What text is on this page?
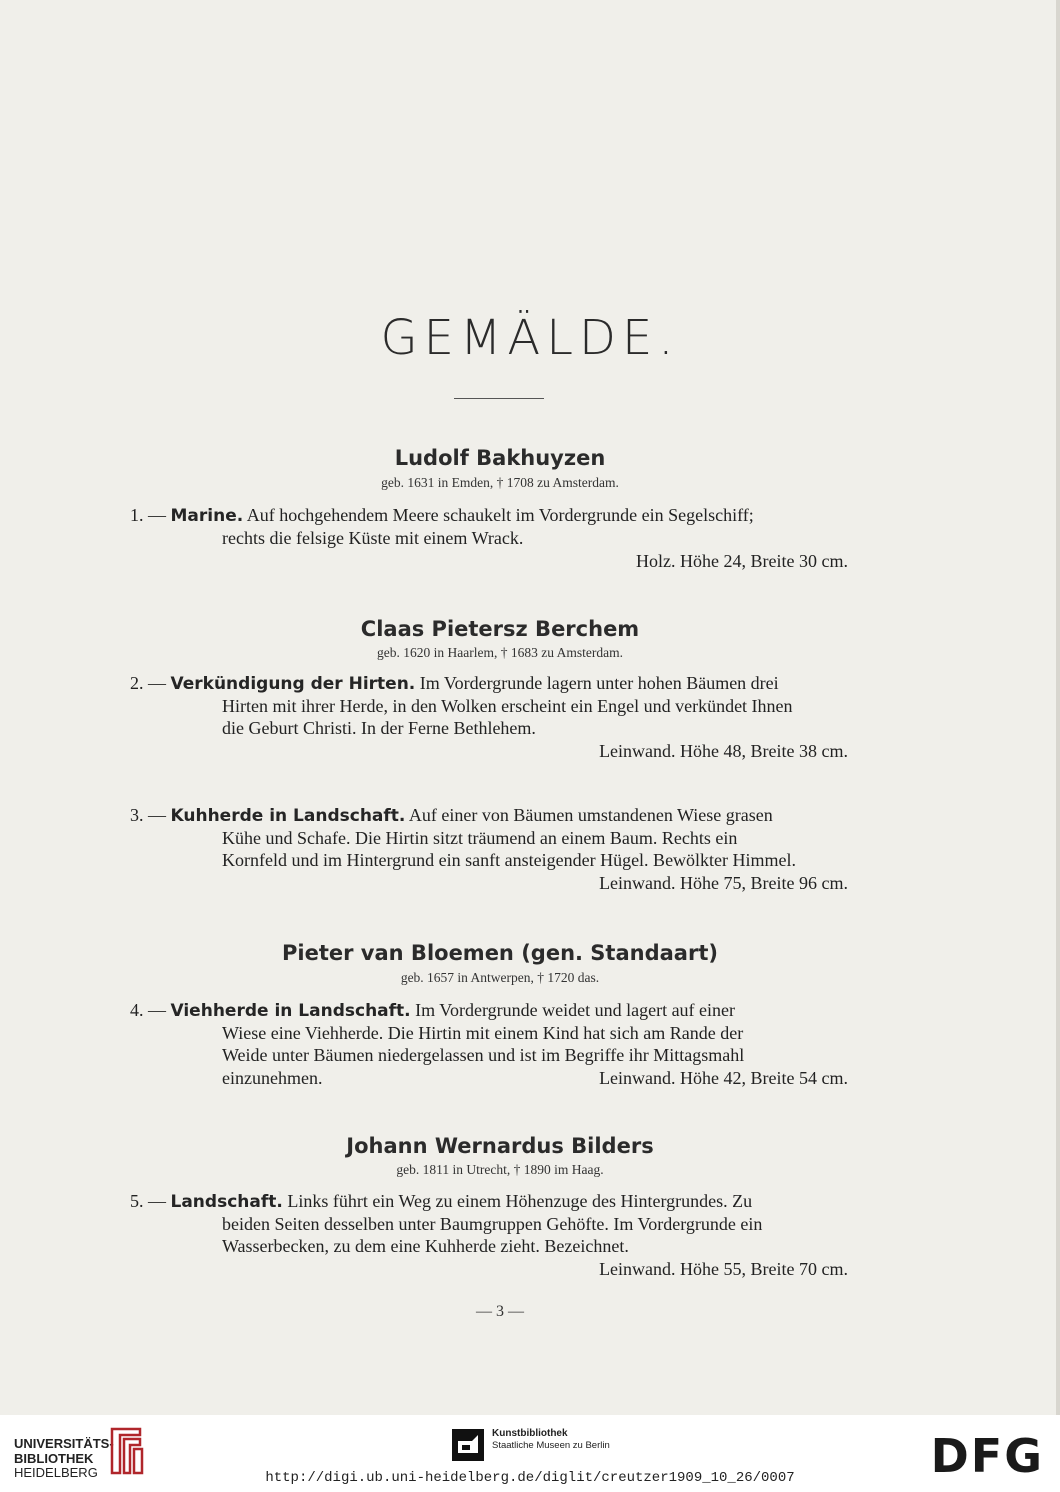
GEMÄLDE.
Ludolf Bakhuyzen
geb. 1631 in Emden, † 1708 zu Amsterdam.
1. — Marine. Auf hochgehendem Meere schaukelt im Vordergrunde ein Segelschiff;
rechts die felsige Küste mit einem Wrack.
Holz. Höhe 24, Breite 30 cm.
Claas Pietersz Berchem
geb. 1620 in Haarlem, † 1683 zu Amsterdam.
2. — Verkündigung der Hirten. Im Vordergrunde lagern unter hohen Bäumen drei
Hirten mit ihrer Herde, in den Wolken erscheint ein Engel und verkündet Ihnen
die Geburt Christi. In der Ferne Bethlehem.
Leinwand. Höhe 48, Breite 38 cm.
3. — Kuhherde in Landschaft. Auf einer von Bäumen umstandenen Wiese grasen
Kühe und Schafe. Die Hirtin sitzt träumend an einem Baum. Rechts ein
Kornfeld und im Hintergrund ein sanft ansteigender Hügel. Bewölkter Himmel.
Leinwand. Höhe 75, Breite 96 cm.
Pieter van Bloemen (gen. Standaart)
geb. 1657 in Antwerpen, † 1720 das.
4. — Viehherde in Landschaft. Im Vordergrunde weidet und lagert auf einer
Wiese eine Viehherde. Die Hirtin mit einem Kind hat sich am Rande der
Weide unter Bäumen niedergelassen und ist im Begriffe ihr Mittagsmahl
einzunehmen.	Leinwand. Höhe 42, Breite 54 cm.
Johann Wernardus Bilders
geb. 1811 in Utrecht, † 1890 im Haag.
5. — Landschaft. Links führt ein Weg zu einem Höhenzuge des Hintergrundes. Zu
beiden Seiten desselben unter Baumgruppen Gehöfte. Im Vordergrunde ein
Wasserbecken, zu dem eine Kuhherde zieht. Bezeichnet.
Leinwand. Höhe 55, Breite 70 cm.
— 3 —
UNIVERSITÄTS-
BIBLIOTHEK
HEIDELBERG
Kunstbibliothek
Staatliche Museen zu Berlin	DFG
http://digi.ub.uni-heidelberg.de/diglit/creutzer1909_10_26/0007
